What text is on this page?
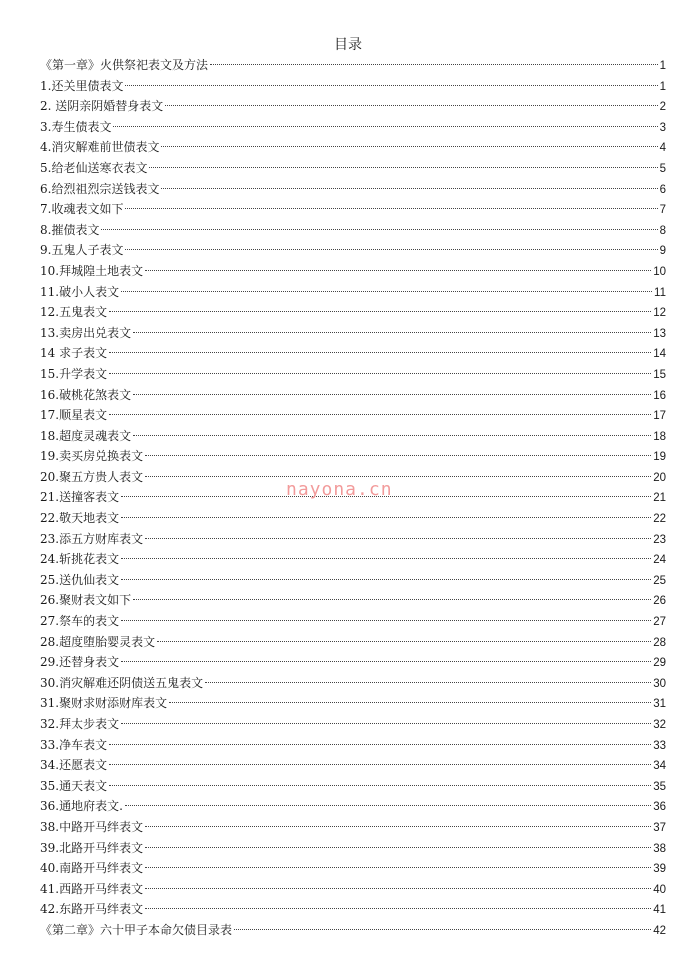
目录
《第一章》火供祭祀表文及方法	1
1.还关里债表文	1
2. 送阴亲阴婚替身表文	2
3.寿生债表文	3
4.消灾解难前世债表文	4
5.给老仙送寒衣表文	5
6.给烈祖烈宗送钱表文	6
7.收魂表文如下	7
8.摧债表文	8
9.五鬼人子表文	9
10.拜城隍土地表文	10
11.破小人表文	11
12.五鬼表文	12
13.卖房出兑表文	13
14 求子表文	14
15.升学表文	15
16.破桃花煞表文	16
17.顺星表文	17
18.超度灵魂表文	18
19.卖买房兑换表文	19
20.聚五方贵人表文	20
21.送撞客表文	21
22.敬天地表文	22
23.添五方财库表文	23
24.斩挑花表文	24
25.送仇仙表文	25
26.聚财表文如下	26
27.祭车的表文	27
28.超度堕胎婴灵表文	28
29.还替身表文	29
30.消灾解难还阴债送五鬼表文	30
31.聚财求财添财库表文	31
32.拜太步表文	32
33.净车表文	33
34.还愿表文	34
35.通天表文	35
36.通地府表文.	36
38.中路开马绊表文	37
39.北路开马绊表文	38
40.南路开马绊表文	39
41.西路开马绊表文	40
42.东路开马绊表文	41
《第二章》六十甲子本命欠债目录表	42
nayona.cn
